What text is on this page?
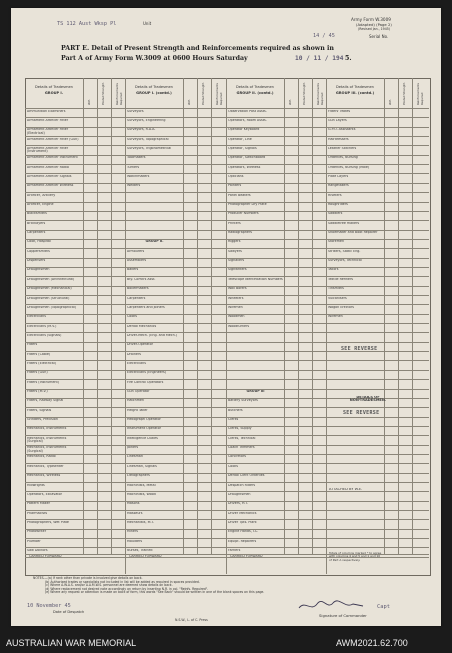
TS 112 Aust Wksp Pl	Unit
Army Form W.3009
(Adapted) (Page 2)
(Revised Jan., 1945)
14 / 45	Serial No.
PART E. Detail of Present Strength and Reinforcements required as shown in
Part A of Army Form W.3009 at 0600 Hours Saturday	10 / 11 / 194 5.
Details of Tradesmen
GROUP I.
W.E.	Posted Strength	Reinforcements Required
Ammunition Examiners
Armament Artificer Fitter
Armament Artificer Fitter (Electrical)
Armament Artificer Fitter (Gun)
Armament Artificer Fitter (Instrument)
Armament Artificer Instrument
Armament Artificer Radio
Armament Artificer Signals
Armament Artificer Wireless
Artificer, Artillery
Artificer, Engine
Blacksmiths
Bricklayers
Carpenters
Cook, Hospital
Coppersmiths
Dispensers
Draughtsmen
Draughtsmen (Architectural)
Draughtsmen (Mechanical)
Draughtsmen (Structural)
Draughtsmen (Topographical)
Electricians
Electricians (M.V.)
Electricians (Signals)
Fitters
Fitters (Cable)
Fitters (Electrical)
Fitters (Gun)
Fitters (Instrument)
Fitters (M.V.)
Fitters, Railway Signal
Fitters, Signals
Grinders, Precision
Mechanics, Instruments
Mechanics, Instruments (Surgical)
Mechanics, Instruments (Surgical)
Mechanics, Radio
Mechanics, Typewriter
Mechanics, Wireless
Millwrights
Operators, Excavator
Pattern Maker
Pharmacists
Photographers, Wet Plate
Photowriter
Plumber
Saw Doctors
Details of Tradesmen
GROUP I. (contd.)
W.E.	Posted Strength	Reinforcements Required
Surveyors
Surveyors, Engineering
Surveyors, R.A.A.
Surveyors, Topographical
Surveyors, Trigonometrical
Toolmakers
Turners
Watchmakers
Welders
GROUP II.
Armourers
Assemblers
Bakers
Bty. Comd's Asst.
Boilermakers
Carpenters
Carpenters and Joiners
Cooks
Dental Mechanics
Driver-Mech. (Eng. and Mech.)
Driver-Operator
Drainers
Electricians
Electricians (Engineers)
Fire Control Operators
Gun Operator
Hatchmen
Height Taker
Heliograph Operator
Instrument Operator
Intelligence Duties
Joiners
Linesman
Linesman, Signals
Lithographers
Machinists, Metal
Machinists, Wood
Masons
Masseurs
Mechanists, M.T.
Miners
Moulders
Nurses, Trained
Details of Tradesmen
GROUP II. (contd.)
W.E.	Posted Strength	Reinforcements Required
Observation Post Assts.
Operators, Room Assts.
Operator Keyboard
Operator, Line
Operator, Signals
Operator, Switchboard
Operators, Wireless
Opticians
Painters
Panel Beaters
Photographer Dry Plate
Producer Numbers
Printers
Radiographers
Riggers
Sawyers
Signallers
Signwriters
Telescope Identification Numbers
Wall Borers
Wheelers
Wiremen
Woodmen
Woodturners
GROUP III
Battery Surveyors
Butchers
Clerks
Clerks, Supply
Clerks, Technical
Coach Trimmers
Concretors
Cooks
Dental Clerk Orderlies
Despatch Riders
Draughtsmen
Drivers, H.T.
Driver Mechanics
Driver Tpts. Plant
Engine Hands, I.C.
Equipt. Repairers
Farriers
Details of Tradesmen
GROUP III. (contd.)
W.E.	Posted Strength	Reinforcements Required
Fitters' Mates
Gun Layers
G.P.O. Assistants
Hairdressers
Leather Stitchers
Orderlies, Nursing
Orderlies, Nursing (Male)
Plate Layers
Rangetakers
Riveters
Roughriders
Saddlers
Saddletree makers
Shoemaker and Boot Repairer
Storemen
Strikers, Static Eng.
Surveyors, Technical
Tailors
Textile Refiners
Tinsmiths
Vulcanisers
Wagon Erectors
Wiremen
SEE REVERSE
SEE REVERSE
DETAILS OF
NON-TRADESMEN.
ATTACHED BY W.E.
CARRIED FORWARD	CARRIED FORWARD	CARRIED FORWARD
Totals of columns marked * to agree with columns 4 and 5 and 1 and 10 of Part A respectively.
NOTES.—(a) If rank other than private is involved give details on back.
(b) Authorized trades or specialists not included in list will be added as required in spaces provided.
(c) Where A.W.A.S. and/or A.A.M.W.S. personnel are deemed show details on back.
(d) Where replacement not desired note accordingly on return by inserting N.R. in col. "Reinfs. Required".
(e) Where any request or attention is made on back of form, this words "See Back" should be written in one of the blank spaces on this page.
10 November 45
Date of Despatch
N.S.W., L. of C. Press
Capt
Signature of Commander
AUSTRALIAN WAR MEMORIAL	AWM2021.62.700
